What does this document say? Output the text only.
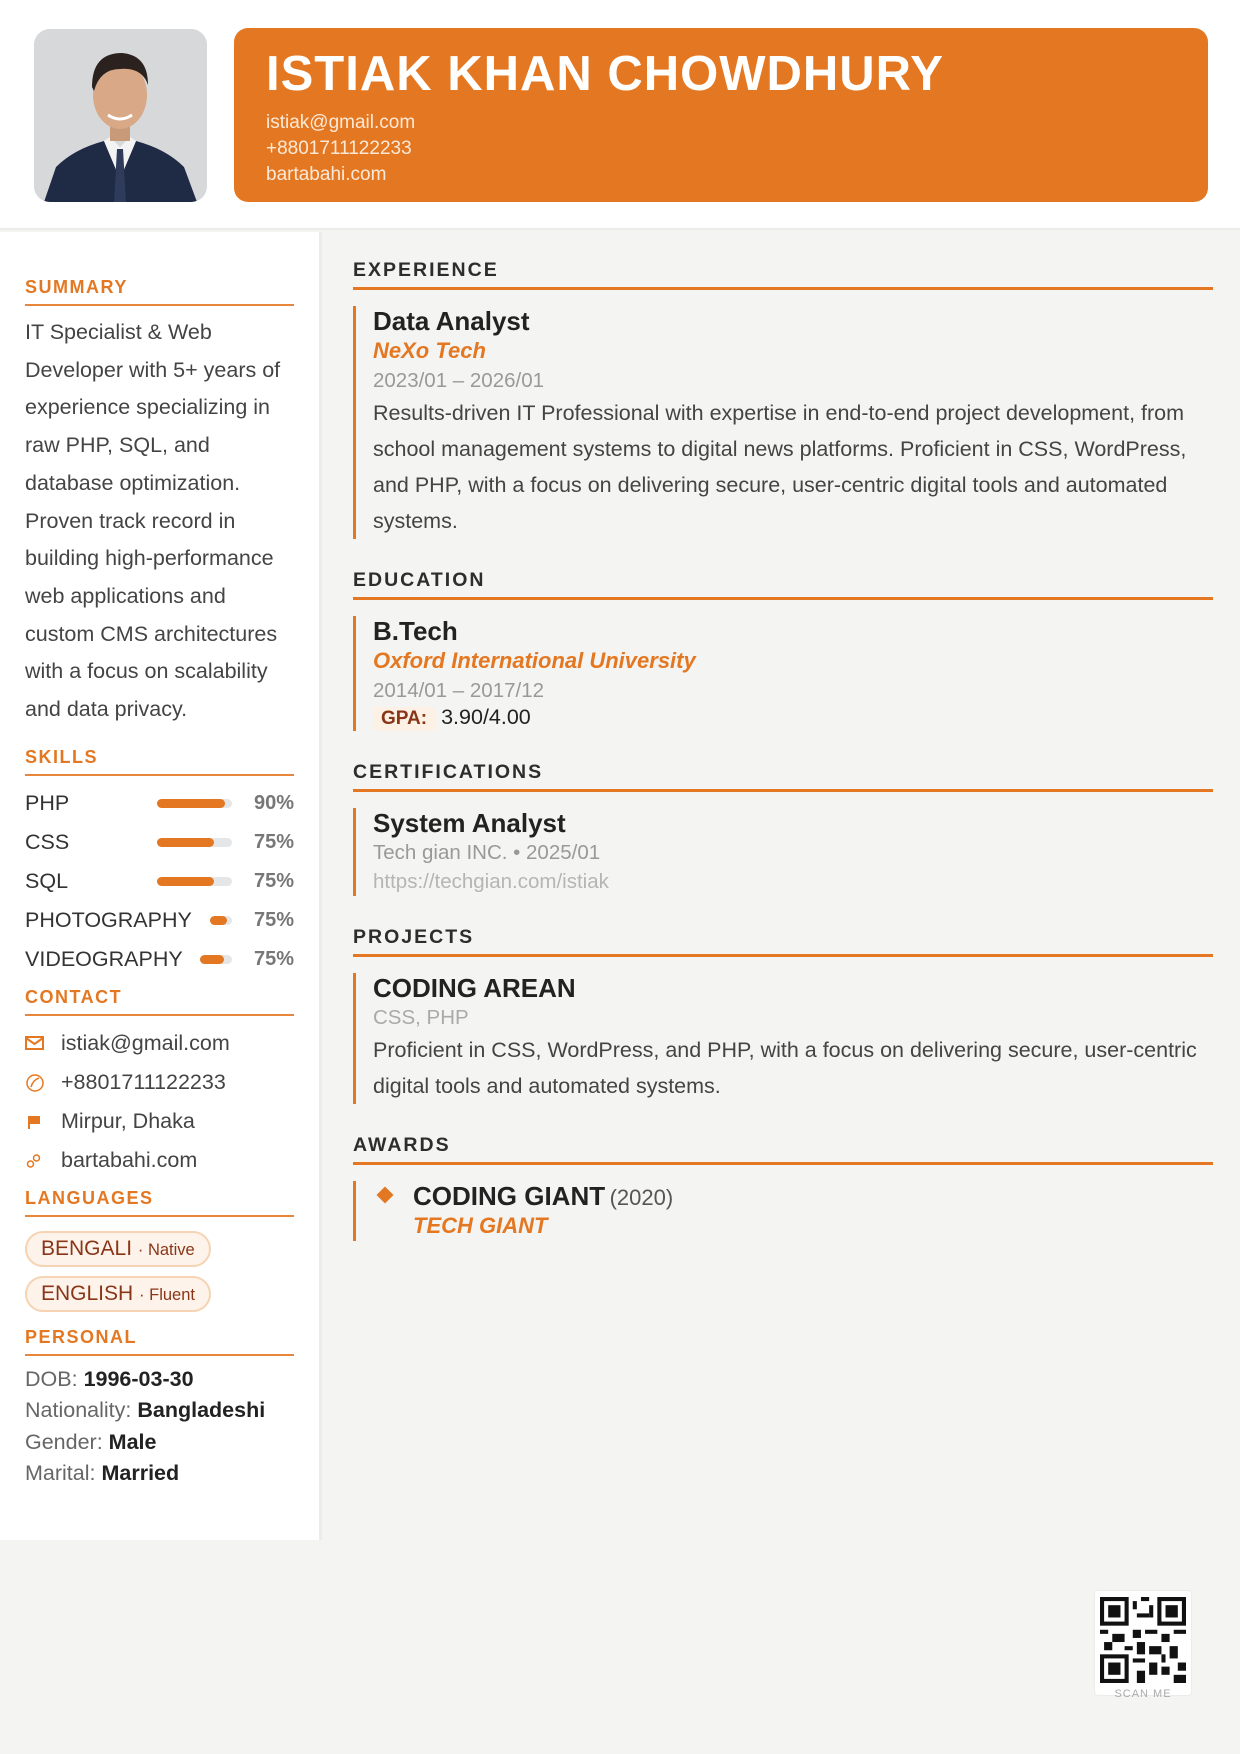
ISTIAK KHAN CHOWDHURY
istiak@gmail.com
+8801711122233
bartabahi.com
SUMMARY
IT Specialist & Web Developer with 5+ years of experience specializing in raw PHP, SQL, and database optimization. Proven track record in building high-performance web applications and custom CMS architectures with a focus on scalability and data privacy.
SKILLS
PHP	90%
CSS	75%
SQL	75%
PHOTOGRAPHY	75%
VIDEOGRAPHY	75%
CONTACT
istiak@gmail.com
+8801711122233
Mirpur, Dhaka
bartabahi.com
LANGUAGES
BENGALI · Native
ENGLISH · Fluent
PERSONAL
DOB: 1996-03-30
Nationality: Bangladeshi
Gender: Male
Marital: Married
EXPERIENCE
Data Analyst
NeXo Tech
2023/01 – 2026/01
Results-driven IT Professional with expertise in end-to-end project development, from school management systems to digital news platforms. Proficient in CSS, WordPress, and PHP, with a focus on delivering secure, user-centric digital tools and automated systems.
EDUCATION
B.Tech
Oxford International University
2014/01 – 2017/12
GPA: 3.90/4.00
CERTIFICATIONS
System Analyst
Tech gian INC. • 2025/01
https://techgian.com/istiak
PROJECTS
CODING AREAN
CSS, PHP
Proficient in CSS, WordPress, and PHP, with a focus on delivering secure, user-centric digital tools and automated systems.
AWARDS
CODING GIANT (2020)
TECH GIANT
SCAN ME
